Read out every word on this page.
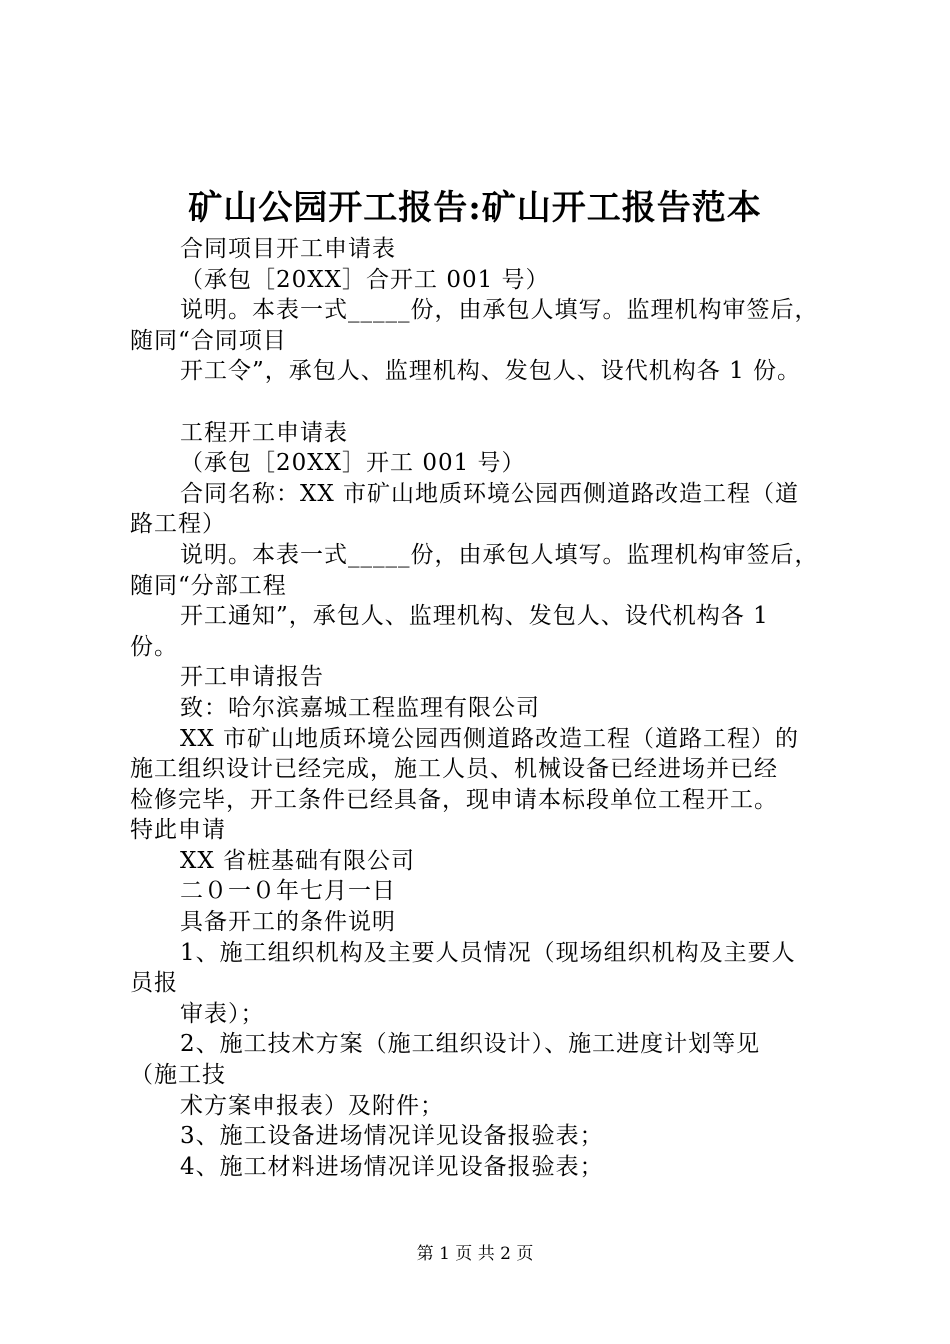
矿山公园开工报告:矿山开工报告范本
合同项目开工申请表
（承包［20XX］合开工 001 号）
说明。本表一式_____份，由承包人填写。监理机构审签后，
随同“合同项目
开工令”，承包人、监理机构、发包人、设代机构各 1 份。
工程开工申请表
（承包［20XX］开工 001 号）
合同名称：XX 市矿山地质环境公园西侧道路改造工程（道
路工程）
说明。本表一式_____份，由承包人填写。监理机构审签后，
随同“分部工程
开工通知”，承包人、监理机构、发包人、设代机构各 1
份。
开工申请报告
致：哈尔滨嘉城工程监理有限公司
XX 市矿山地质环境公园西侧道路改造工程（道路工程）的
施工组织设计已经完成，施工人员、机械设备已经进场并已经
检修完毕，开工条件已经具备，现申请本标段单位工程开工。
特此申请
XX 省桩基础有限公司
二０一０年七月一日
具备开工的条件说明
1、施工组织机构及主要人员情况（现场组织机构及主要人
员报
审表）；
2、施工技术方案（施工组织设计）、施工进度计划等见
（施工技
术方案申报表）及附件；
3、施工设备进场情况详见设备报验表；
4、施工材料进场情况详见设备报验表；
第 1 页 共 2 页
